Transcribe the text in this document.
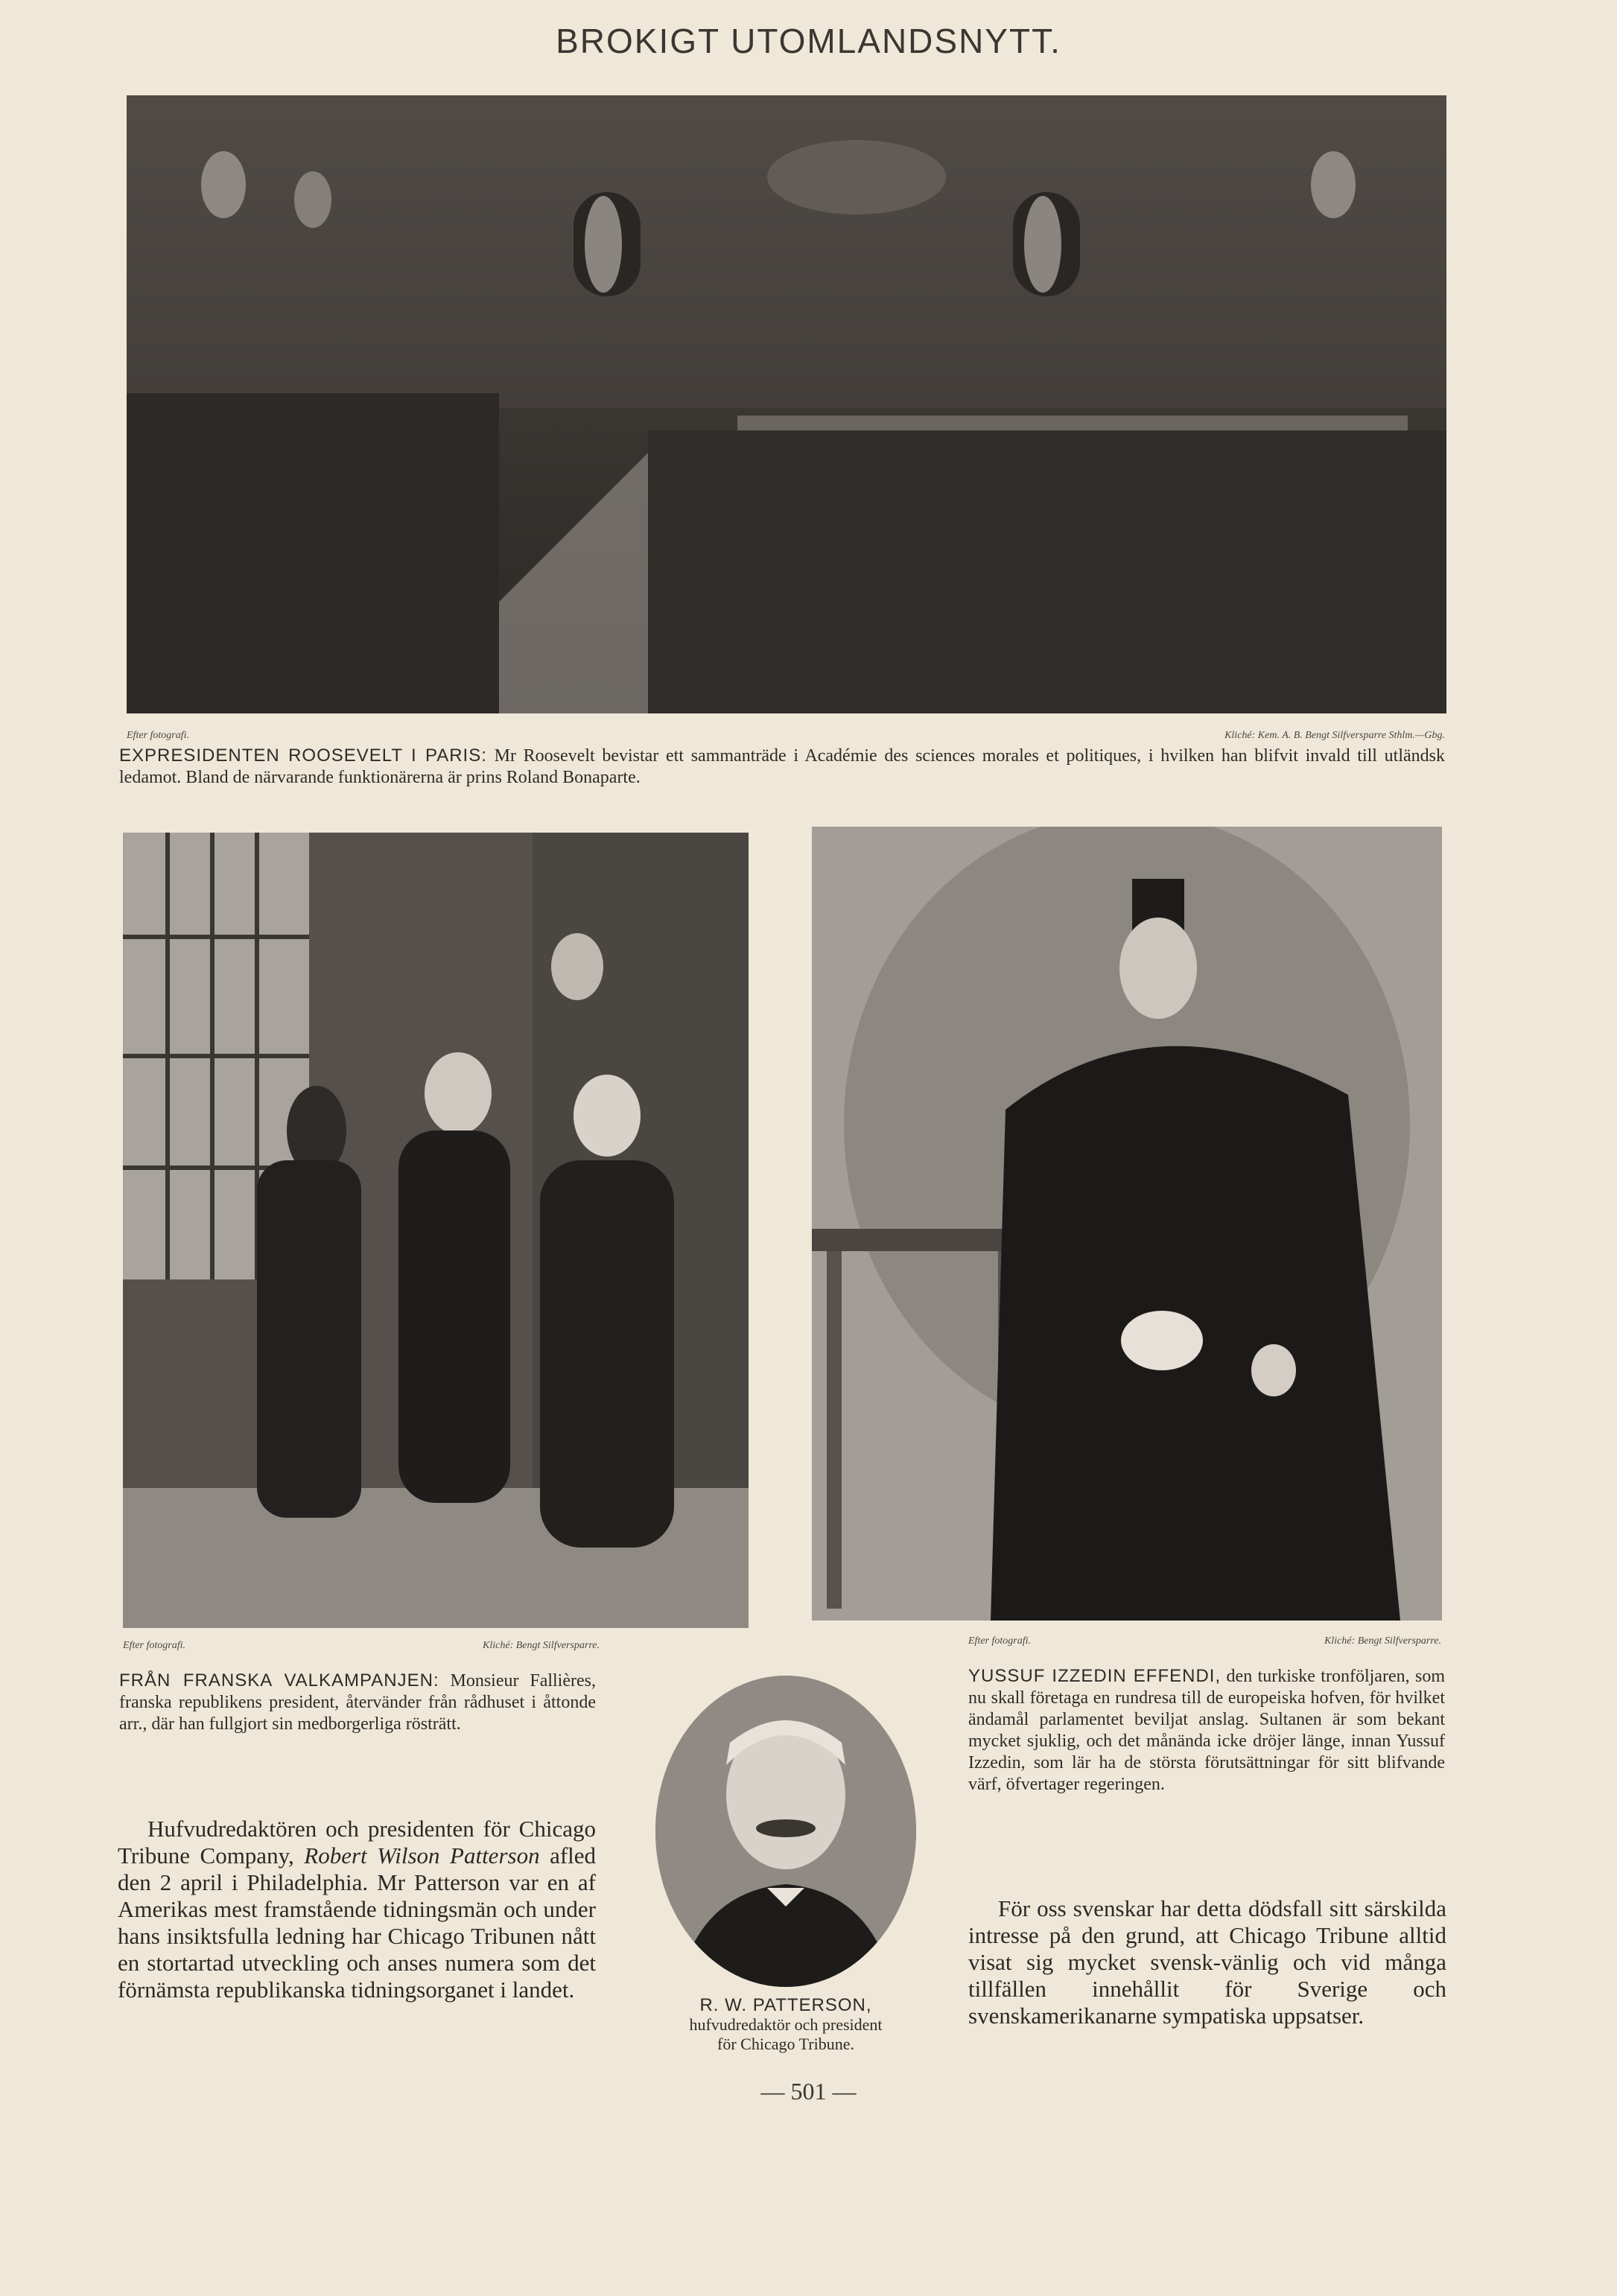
BROKIGT UTOMLANDSNYTT.
Efter fotografi.	Kliché: Kem. A. B. Bengt Silfversparre Sthlm.—Gbg.
EXPRESIDENTEN ROOSEVELT I PARIS: Mr Roosevelt bevistar ett sammanträde i Académie des sciences morales et politiques, i hvilken han blifvit invald till utländsk ledamot. Bland de närvarande funktionärerna är prins Roland Bonaparte.
Efter fotografi.	Kliché: Bengt Silfversparre.
FRÅN FRANSKA VALKAMPANJEN: Monsieur Fallières, franska republikens president, återvänder från rådhuset i åttonde arr., där han fullgjort sin medborgerliga rösträtt.
Efter fotografi.	Kliché: Bengt Silfversparre.
YUSSUF IZZEDIN EFFENDI, den turkiske tronföljaren, som nu skall företaga en rundresa till de europeiska hofven, för hvilket ändamål parlamentet beviljat anslag. Sultanen är som bekant mycket sjuklig, och det månända icke dröjer länge, innan Yussuf Izzedin, som lär ha de största förutsättningar för sitt blifvande värf, öfvertager regeringen.
R. W. PATTERSON,
hufvudredaktör och president
för Chicago Tribune.
Hufvudredaktören och presidenten för Chicago Tribune Company, Robert Wilson Patterson afled den 2 april i Philadelphia. Mr Patterson var en af Amerikas mest framstående tidningsmän och under hans insiktsfulla ledning har Chicago Tribunen nått en stortartad utveckling och anses numera som det förnämsta republikanska tidningsorganet i landet.
För oss svenskar har detta dödsfall sitt särskilda intresse på den grund, att Chicago Tribune alltid visat sig mycket svensk-vänlig och vid många tillfällen innehållit för Sverige och svenskamerikanarne sympatiska uppsatser.
— 501 —
